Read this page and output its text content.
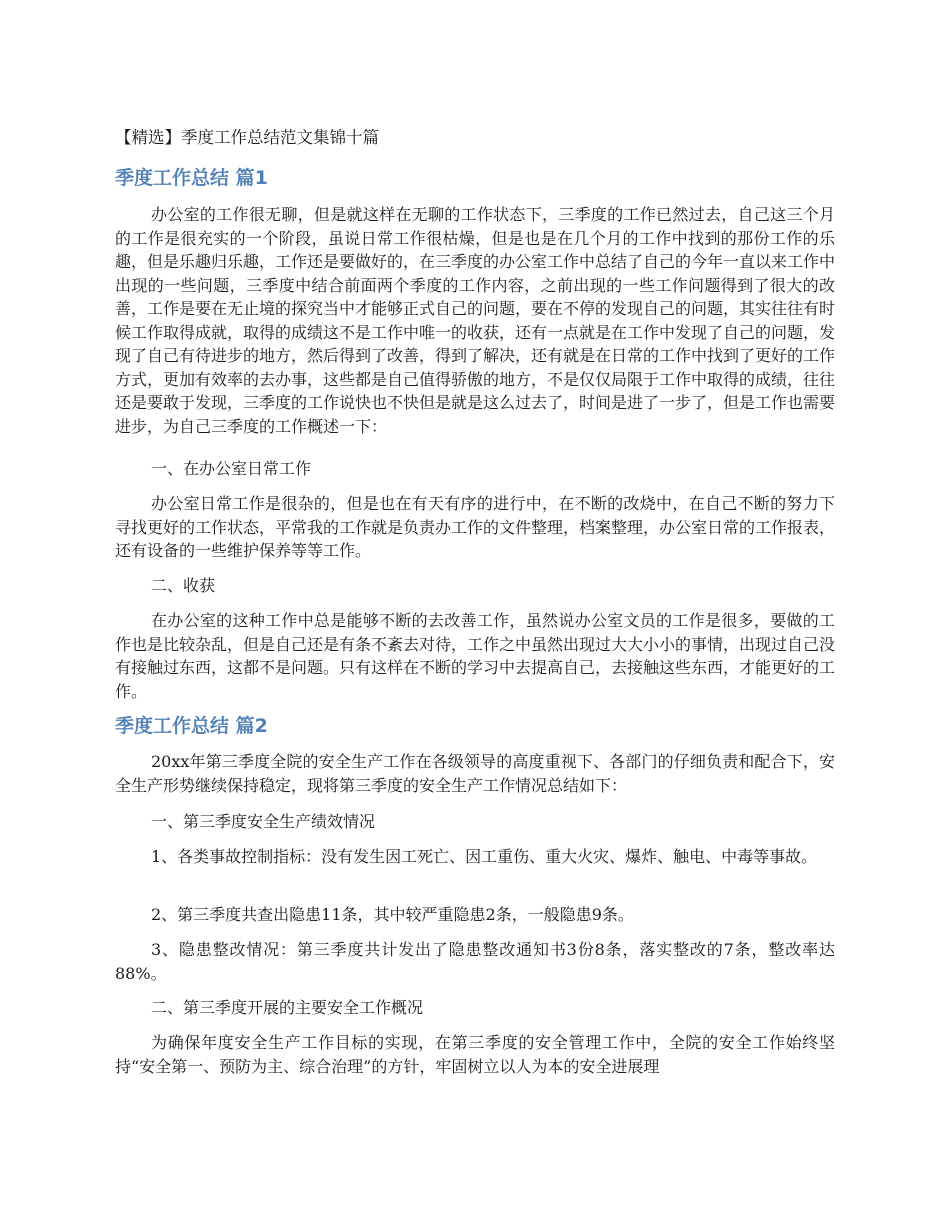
【精选】季度工作总结范文集锦十篇
季度工作总结 篇1

办公室的工作很无聊，但是就这样在无聊的工作状态下，三季度的工作已然过去，自己这三个月的工作是很充实的一个阶段，虽说日常工作很枯燥，但是也是在几个月的工作中找到的那份工作的乐趣，但是乐趣归乐趣，工作还是要做好的，在三季度的办公室工作中总结了自己的今年一直以来工作中出现的一些问题，三季度中结合前面两个季度的工作内容，之前出现的一些工作问题得到了很大的改善，工作是要在无止境的探究当中才能够正式自己的问题，要在不停的发现自己的问题，其实往往有时候工作取得成就，取得的成绩这不是工作中唯一的收获，还有一点就是在工作中发现了自己的问题，发现了自己有待进步的地方，然后得到了改善，得到了解决，还有就是在日常的工作中找到了更好的工作方式，更加有效率的去办事，这些都是自己值得骄傲的地方，不是仅仅局限于工作中取得的成绩，往往还是要敢于发现，三季度的工作说快也不快但是就是这么过去了，时间是进了一步了，但是工作也需要进步，为自己三季度的工作概述一下：

一、在办公室日常工作

办公室日常工作是很杂的，但是也在有天有序的进行中，在不断的改烧中，在自己不断的努力下寻找更好的工作状态，平常我的工作就是负责办工作的文件整理，档案整理，办公室日常的工作报表，还有设备的一些维护保养等等工作。

二、收获

在办公室的这种工作中总是能够不断的去改善工作，虽然说办公室文员的工作是很多，要做的工作也是比较杂乱，但是自己还是有条不紊去对待，工作之中虽然出现过大大小小的事情，出现过自己没有接触过东西，这都不是问题。只有这样在不断的学习中去提高自己，去接触这些东西，才能更好的工作。

季度工作总结 篇2

20xx年第三季度全院的安全生产工作在各级领导的高度重视下、各部门的仔细负责和配合下，安全生产形势继续保持稳定，现将第三季度的安全生产工作情况总结如下：

一、第三季度安全生产绩效情况

1、各类事故控制指标：没有发生因工死亡、因工重伤、重大火灾、爆炸、触电、中毒等事故。

2、第三季度共查出隐患11条，其中较严重隐患2条，一般隐患9条。

3、隐患整改情况：第三季度共计发出了隐患整改通知书3份8条，落实整改的7条，整改率达88%。

二、第三季度开展的主要安全工作概况

为确保年度安全生产工作目标的实现，在第三季度的安全管理工作中，全院的安全工作始终坚持“安全第一、预防为主、综合治理”的方针，牢固树立以人为本的安全进展理
